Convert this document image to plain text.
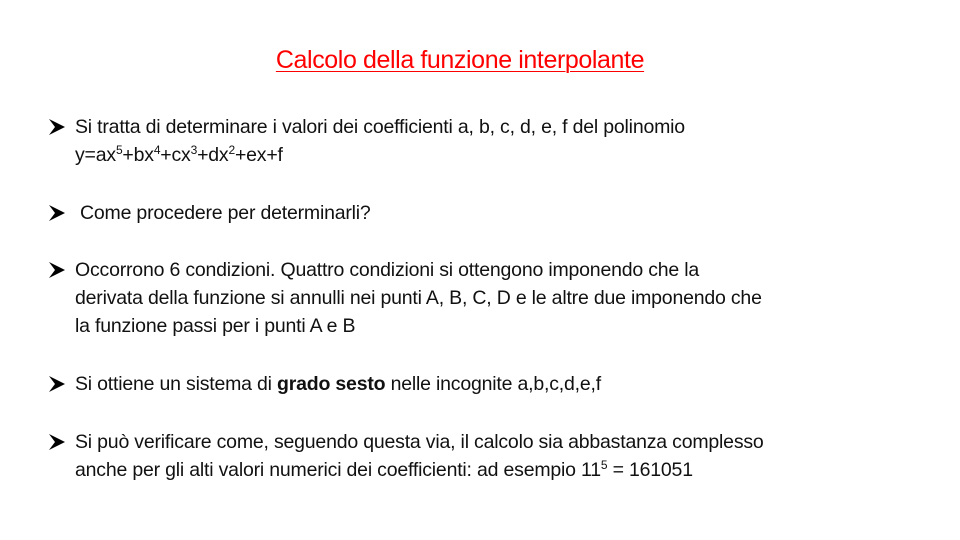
Calcolo della funzione interpolante
Si tratta di determinare i valori dei coefficienti a, b, c, d, e, f del polinomio
$y=ax^5+bx^4+cx^3+dx^2+ex+f$
Come procedere per determinarli?
Occorrono 6 condizioni. Quattro condizioni si ottengono imponendo che la
derivata della funzione si annulli nei punti A, B, C, D e le altre due imponendo che
la funzione passi per i punti A e B
Si ottiene un sistema di grado sesto nelle incognite a,b,c,d,e,f
Si può verificare come, seguendo questa via, il calcolo sia abbastanza complesso
anche per gli alti valori numerici dei coefficienti: ad esempio $11^5 = 161051$
